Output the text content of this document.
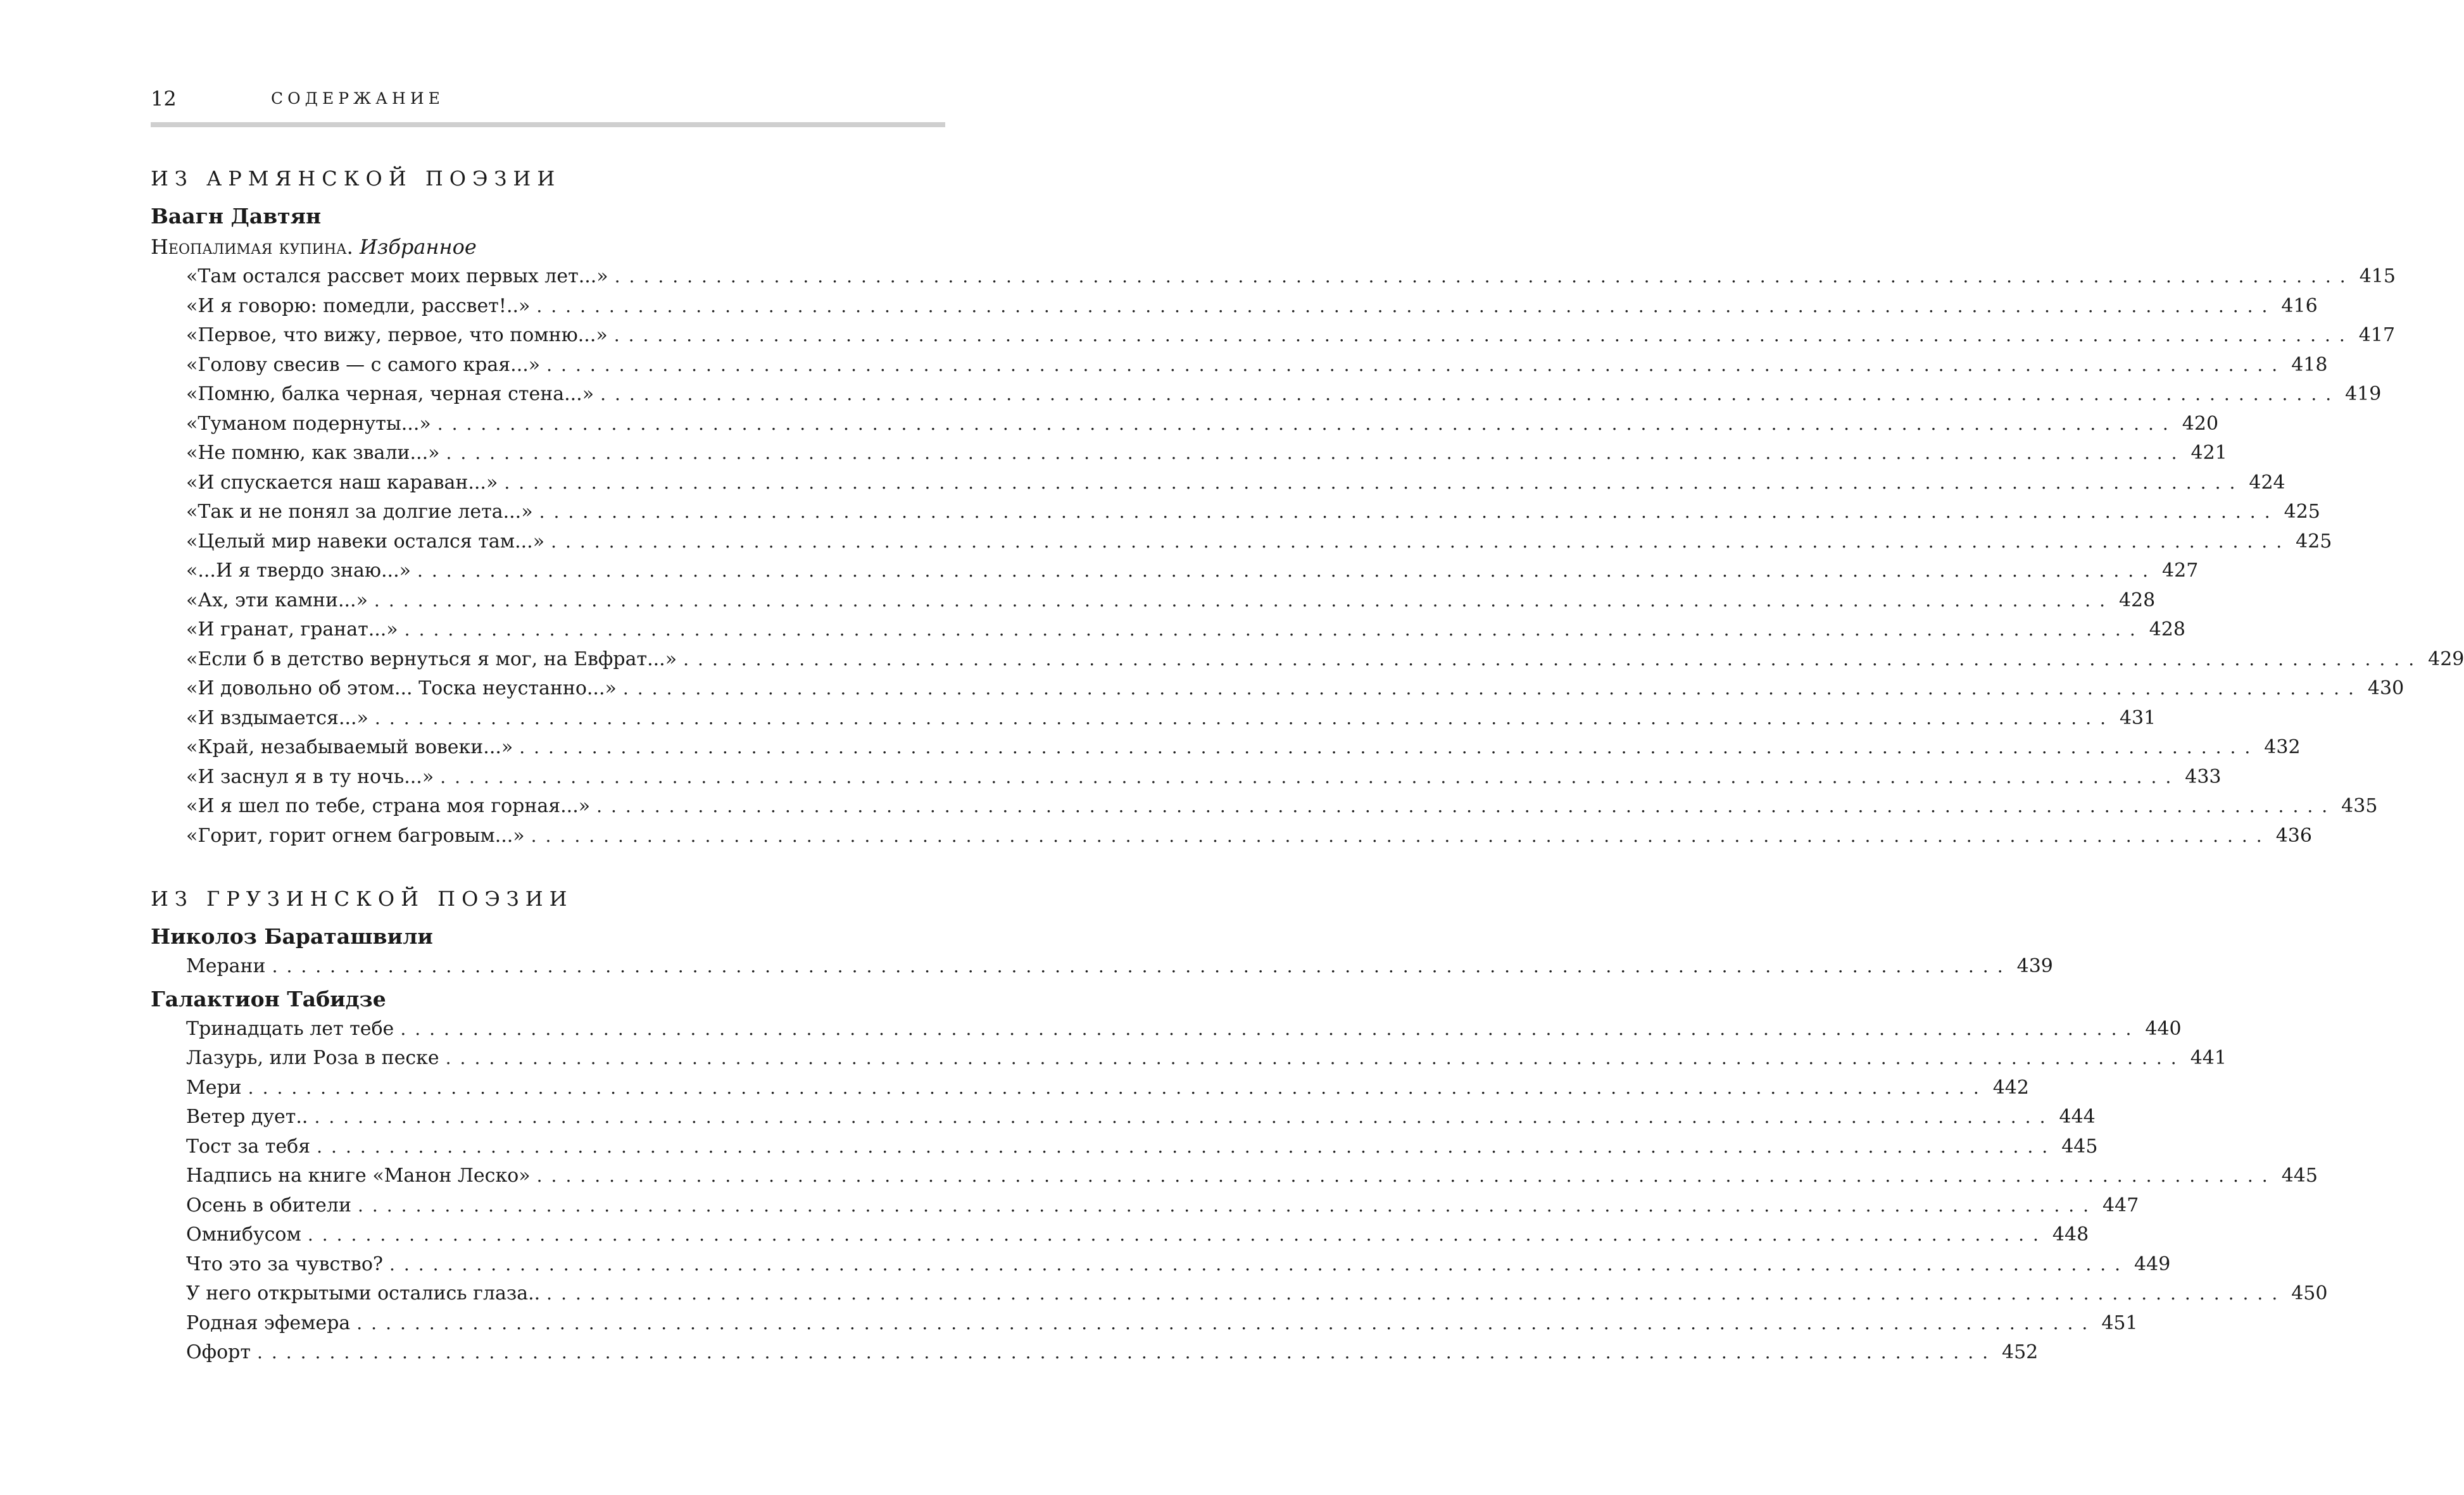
12	СОДЕРЖАНИЕ
ИЗ АРМЯНСКОЙ ПОЭЗИИ
Ваагн Давтян
Неопалимая купина. Избранное
«Там остался рассвет моих первых лет...» ........................................................................................................................ 415
«И я говорю: помедли, рассвет!..» ........................................................................................................................ 416
«Первое, что вижу, первое, что помню...» ........................................................................................................................ 417
«Голову свесив — с самого края...» ........................................................................................................................ 418
«Помню, балка черная, черная стена...» ........................................................................................................................ 419
«Туманом подернуты...» ........................................................................................................................ 420
«Не помню, как звали...» ........................................................................................................................ 421
«И спускается наш караван...» ........................................................................................................................ 424
«Так и не понял за долгие лета...» ........................................................................................................................ 425
«Целый мир навеки остался там...» ........................................................................................................................ 425
«...И я твердо знаю...» ........................................................................................................................ 427
«Ах, эти камни...» ........................................................................................................................ 428
«И гранат, гранат...» ........................................................................................................................ 428
«Если б в детство вернуться я мог, на Евфрат...» ........................................................................................................................ 429
«И довольно об этом... Тоска неустанно...» ........................................................................................................................ 430
«И вздымается...» ........................................................................................................................ 431
«Край, незабываемый вовеки...» ........................................................................................................................ 432
«И заснул я в ту ночь...» ........................................................................................................................ 433
«И я шел по тебе, страна моя горная...» ........................................................................................................................ 435
«Горит, горит огнем багровым...» ........................................................................................................................ 436
ИЗ ГРУЗИНСКОЙ ПОЭЗИИ
Николоз Бараташвили
Мерани ........................................................................................................................ 439
Галактион Табидзе
Тринадцать лет тебе ........................................................................................................................ 440
Лазурь, или Роза в песке ........................................................................................................................ 441
Мери ........................................................................................................................ 442
Ветер дует.. ........................................................................................................................ 444
Тост за тебя ........................................................................................................................ 445
Надпись на книге «Манон Леско» ........................................................................................................................ 445
Осень в обители ........................................................................................................................ 447
Омнибусом ........................................................................................................................ 448
Что это за чувство? ........................................................................................................................ 449
У него открытыми остались глаза.. ........................................................................................................................ 450
Родная эфемера ........................................................................................................................ 451
Офорт ........................................................................................................................ 452
